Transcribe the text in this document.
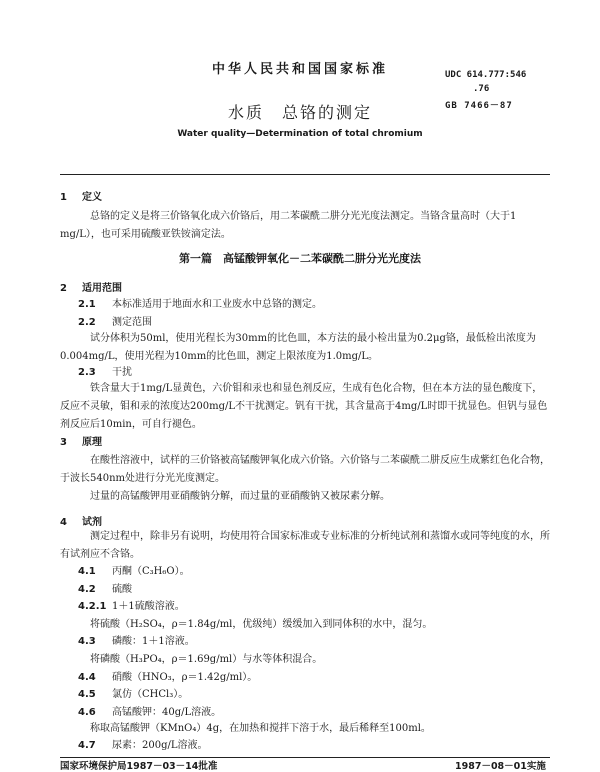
中华人民共和国国家标准	UDC 614.777:546
.76
GB 7466－87
水质　总铬的测定
Water quality—Determination of total chromium
1 定义
总铬的定义是将三价铬氧化成六价铬后，用二苯碳酰二肼分光光度法测定。当铬含量高时（大于1 mg/L），也可采用硫酸亚铁铵滴定法。
第一篇　高锰酸钾氧化－二苯碳酰二肼分光光度法
2 适用范围
2.1 本标准适用于地面水和工业废水中总铬的测定。
2.2 测定范围
试分体积为50ml，使用光程长为30mm的比色皿，本方法的最小检出量为0.2μg铬，最低检出浓度为0.004mg/L，使用光程为10mm的比色皿，测定上限浓度为1.0mg/L。
2.3 干扰
铁含量大于1mg/L显黄色，六价钼和汞也和显色剂反应，生成有色化合物，但在本方法的显色酸度下，反应不灵敏，钼和汞的浓度达200mg/L不干扰测定。钒有干扰，其含量高于4mg/L时即干扰显色。但钒与显色剂反应后10min，可自行褪色。
3 原理
在酸性溶液中，试样的三价铬被高锰酸钾氧化成六价铬。六价铬与二苯碳酰二肼反应生成紫红色化合物，于波长540nm处进行分光光度测定。
过量的高锰酸钾用亚硝酸钠分解，而过量的亚硝酸钠又被尿素分解。
4 试剂
测定过程中，除非另有说明，均使用符合国家标准或专业标准的分析纯试剂和蒸馏水或同等纯度的水，所有试剂应不含铬。
4.1 丙酮（C₃H₆O）。
4.2 硫酸
4.2.1 1＋1硫酸溶液。
将硫酸（H₂SO₄，ρ＝1.84g/ml，优级纯）缓缓加入到同体积的水中，混匀。
4.3 磷酸：1＋1溶液。
将磷酸（H₃PO₄，ρ＝1.69g/ml）与水等体积混合。
4.4 硝酸（HNO₃，ρ＝1.42g/ml）。
4.5 氯仿（CHCl₃）。
4.6 高锰酸钾：40g/L溶液。
称取高锰酸钾（KMnO₄）4g，在加热和搅拌下溶于水，最后稀释至100ml。
4.7 尿素：200g/L溶液。
国家环境保护局1987－03－14批准	1987－08－01实施
